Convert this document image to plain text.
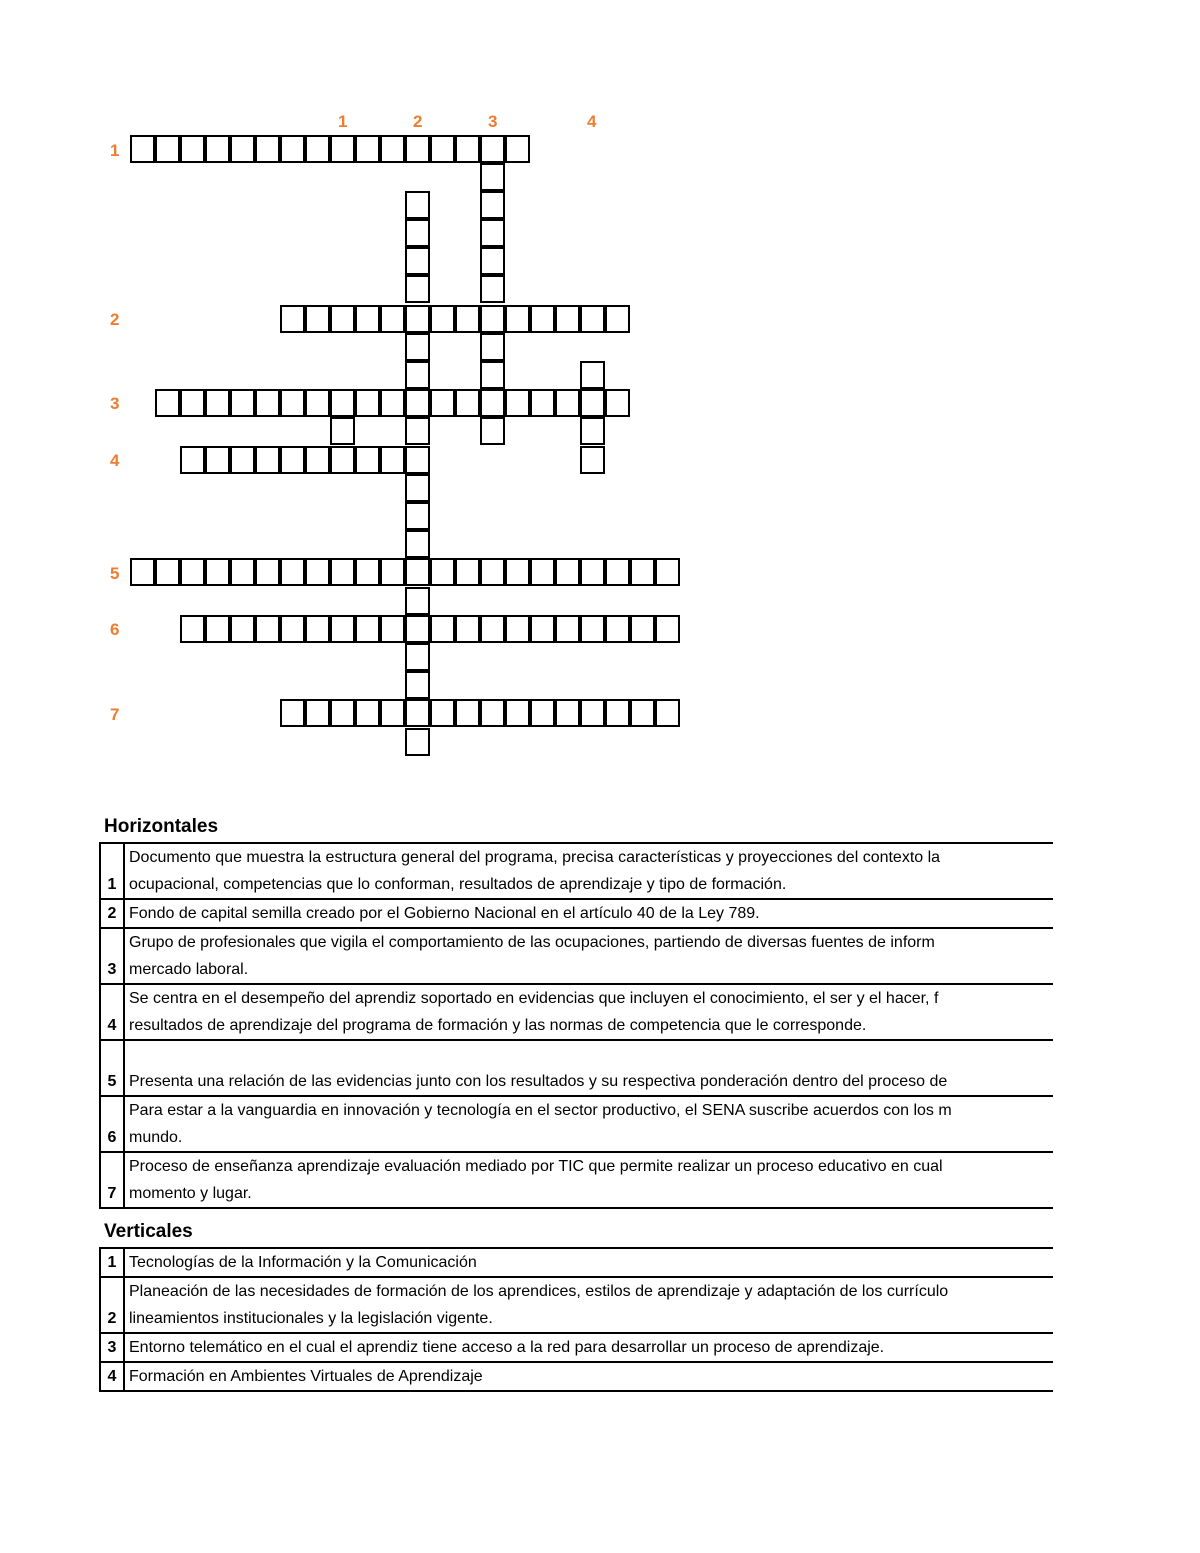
1	2	3	4
1
2
3
4
5
6
7
Horizontales
1	Documento que muestra la estructura general del programa, precisa características y proyecciones del contexto la
ocupacional, competencias que lo conforman, resultados de aprendizaje y tipo de formación.

2	Fondo de capital semilla creado por el Gobierno Nacional en el artículo 40 de la Ley 789.

3	Grupo de profesionales que vigila el comportamiento de las ocupaciones, partiendo de diversas fuentes de inform
mercado laboral.

4	Se centra en el desempeño del aprendiz soportado en evidencias que incluyen el conocimiento, el ser y el hacer, f
resultados de aprendizaje del programa de formación y las normas de competencia que le corresponde.

5	Presenta una relación de las evidencias junto con los resultados y su respectiva ponderación dentro del proceso de

6	Para estar a la vanguardia en innovación y tecnología en el sector productivo, el SENA suscribe acuerdos con los m
mundo.

7	Proceso de enseñanza aprendizaje evaluación mediado por TIC que permite realizar un proceso educativo en cual
momento y lugar.
Verticales
1	Tecnologías de la Información y la Comunicación

2	Planeación de las necesidades de formación de los aprendices, estilos de aprendizaje y adaptación de los currículo
lineamientos institucionales y la legislación vigente.

3	Entorno telemático en el cual el aprendiz tiene acceso a la red para desarrollar un proceso de aprendizaje.

4	Formación en Ambientes Virtuales de Aprendizaje
